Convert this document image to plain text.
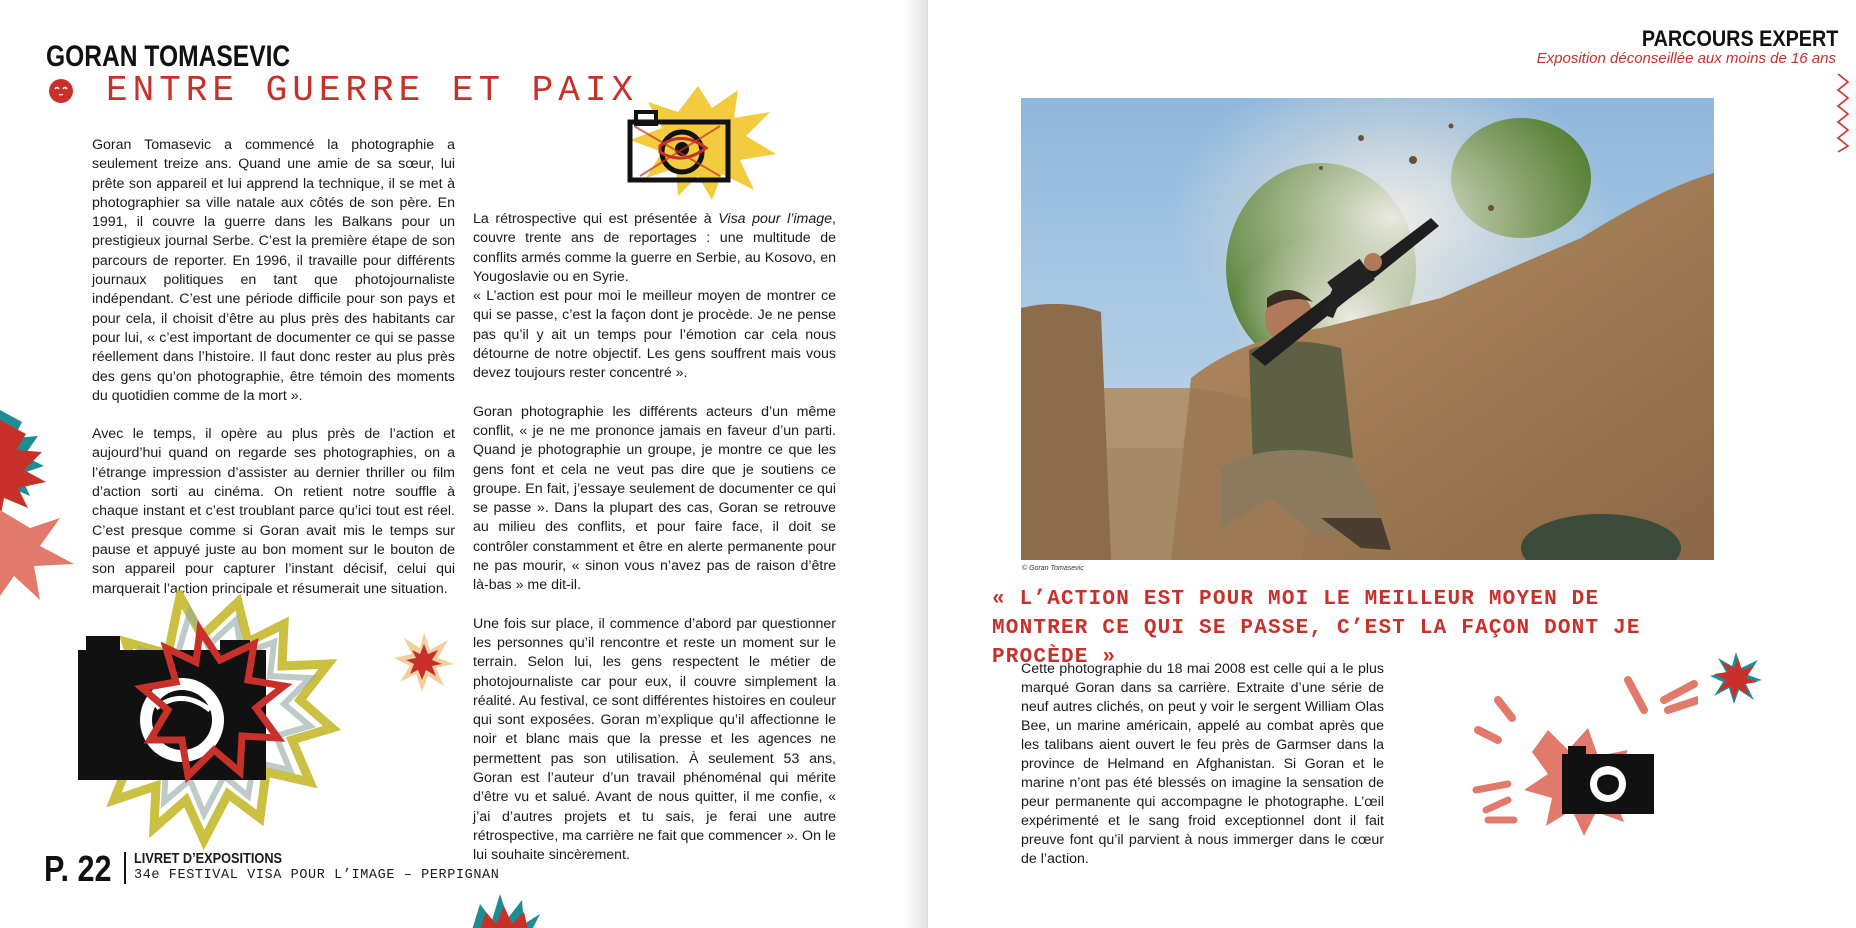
GORAN TOMASEVIC
ENTRE GUERRE ET PAIX

Goran Tomasevic a commencé la photographie a seulement treize ans. Quand une amie de sa sœur, lui prête son appareil et lui apprend la technique, il se met à photographier sa ville natale aux côtés de son père. En 1991, il couvre la guerre dans les Balkans pour un prestigieux journal Serbe. C’est la première étape de son parcours de reporter. En 1996, il travaille pour différents journaux politiques en tant que photojournaliste indépendant. C’est une période difficile pour son pays et pour cela, il choisit d’être au plus près des habitants car pour lui, « c’est important de documenter ce qui se passe réellement dans l’histoire. Il faut donc rester au plus près des gens qu’on photographie, être témoin des moments du quotidien comme de la mort ».

Avec le temps, il opère au plus près de l’action et aujourd’hui quand on regarde ses photographies, on a l’étrange impression d’assister au dernier thriller ou film d’action sorti au cinéma. On retient notre souffle à chaque instant et c’est troublant parce qu’ici tout est réel. C’est presque comme si Goran avait mis le temps sur pause et appuyé juste au bon moment sur le bouton de son appareil pour capturer l’instant décisif, celui qui marquerait l’action principale et résumerait une situation.

La rétrospective qui est présentée à Visa pour l’image, couvre trente ans de reportages : une multitude de conflits armés comme la guerre en Serbie, au Kosovo, en Yougoslavie ou en Syrie.

« L’action est pour moi le meilleur moyen de montrer ce qui se passe, c’est la façon dont je procède. Je ne pense pas qu’il y ait un temps pour l’émotion car cela nous détourne de notre objectif. Les gens souffrent mais vous devez toujours rester concentré ».

Goran photographie les différents acteurs d’un même conflit, « je ne me prononce jamais en faveur d’un parti. Quand je photographie un groupe, je montre ce que les gens font et cela ne veut pas dire que je soutiens ce groupe. En fait, j’essaye seulement de documenter ce qui se passe ». Dans la plupart des cas, Goran se retrouve au milieu des conflits, et pour faire face, il doit se contrôler constamment et être en alerte permanente pour ne pas mourir, « sinon vous n’avez pas de raison d’être là-bas » me dit-il.

Une fois sur place, il commence d’abord par questionner les personnes qu’il rencontre et reste un moment sur le terrain. Selon lui, les gens respectent le métier de photojournaliste car pour eux, il couvre simplement la réalité. Au festival, ce sont différentes histoires en couleur qui sont exposées. Goran m’explique qu’il affectionne le noir et blanc mais que la presse et les agences ne permettent pas son utilisation. À seulement 53 ans, Goran est l’auteur d’un travail phénoménal qui mérite d’être vu et salué. Avant de nous quitter, il me confie, « j’ai d’autres projets et tu sais, je ferai une autre rétrospective, ma carrière ne fait que commencer ». On le lui souhaite sincèrement.

P. 22 LIVRET D’EXPOSITIONS
34e FESTIVAL VISA POUR L’IMAGE – PERPIGNAN
PARCOURS EXPERT
Exposition déconseillée aux moins de 16 ans
© Goran Tomasevic
« L’ACTION EST POUR MOI LE MEILLEUR MOYEN DE MONTRER CE QUI SE PASSE, C’EST LA FAÇON DONT JE PROCÈDE »
Cette photographie du 18 mai 2008 est celle qui a le plus marqué Goran dans sa carrière. Extraite d’une série de neuf autres clichés, on peut y voir le sergent William Olas Bee, un marine américain, appelé au combat après que les talibans aient ouvert le feu près de Garmser dans la province de Helmand en Afghanistan. Si Goran et le marine n’ont pas été blessés on imagine la sensation de peur permanente qui accompagne le photographe. L’œil expérimenté et le sang froid exceptionnel dont il fait preuve font qu’il parvient à nous immerger dans le cœur de l’action.
